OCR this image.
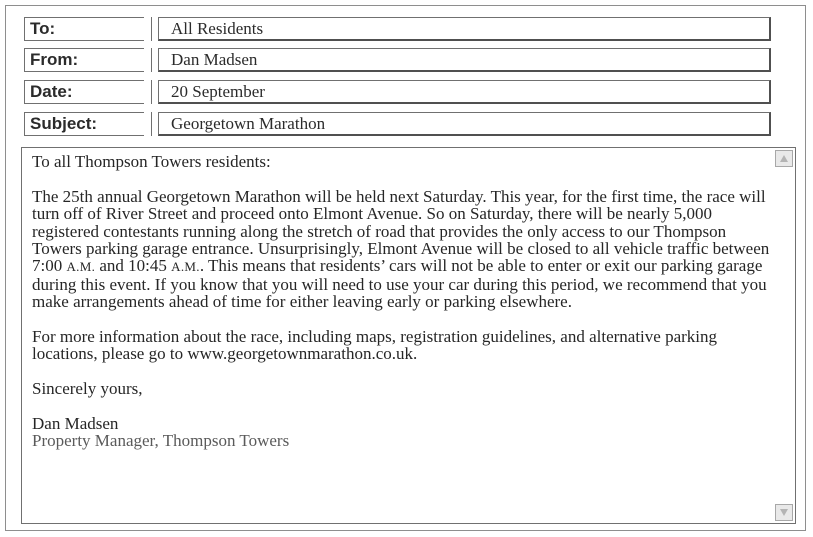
To:	All Residents
From:	Dan Madsen
Date:	20 September
Subject:	Georgetown Marathon

To all Thompson Towers residents:

The 25th annual Georgetown Marathon will be held next Saturday. This year, for the first time, the race will turn off of River Street and proceed onto Elmont Avenue. So on Saturday, there will be nearly 5,000 registered contestants running along the stretch of road that provides the only access to our Thompson Towers parking garage entrance. Unsurprisingly, Elmont Avenue will be closed to all vehicle traffic between 7:00 A.M. and 10:45 A.M.. This means that residents’ cars will not be able to enter or exit our parking garage during this event. If you know that you will need to use your car during this period, we recommend that you make arrangements ahead of time for either leaving early or parking elsewhere.

For more information about the race, including maps, registration guidelines, and alternative parking locations, please go to www.georgetownmarathon.co.uk.

Sincerely yours,

Dan Madsen

Property Manager, Thompson Towers
